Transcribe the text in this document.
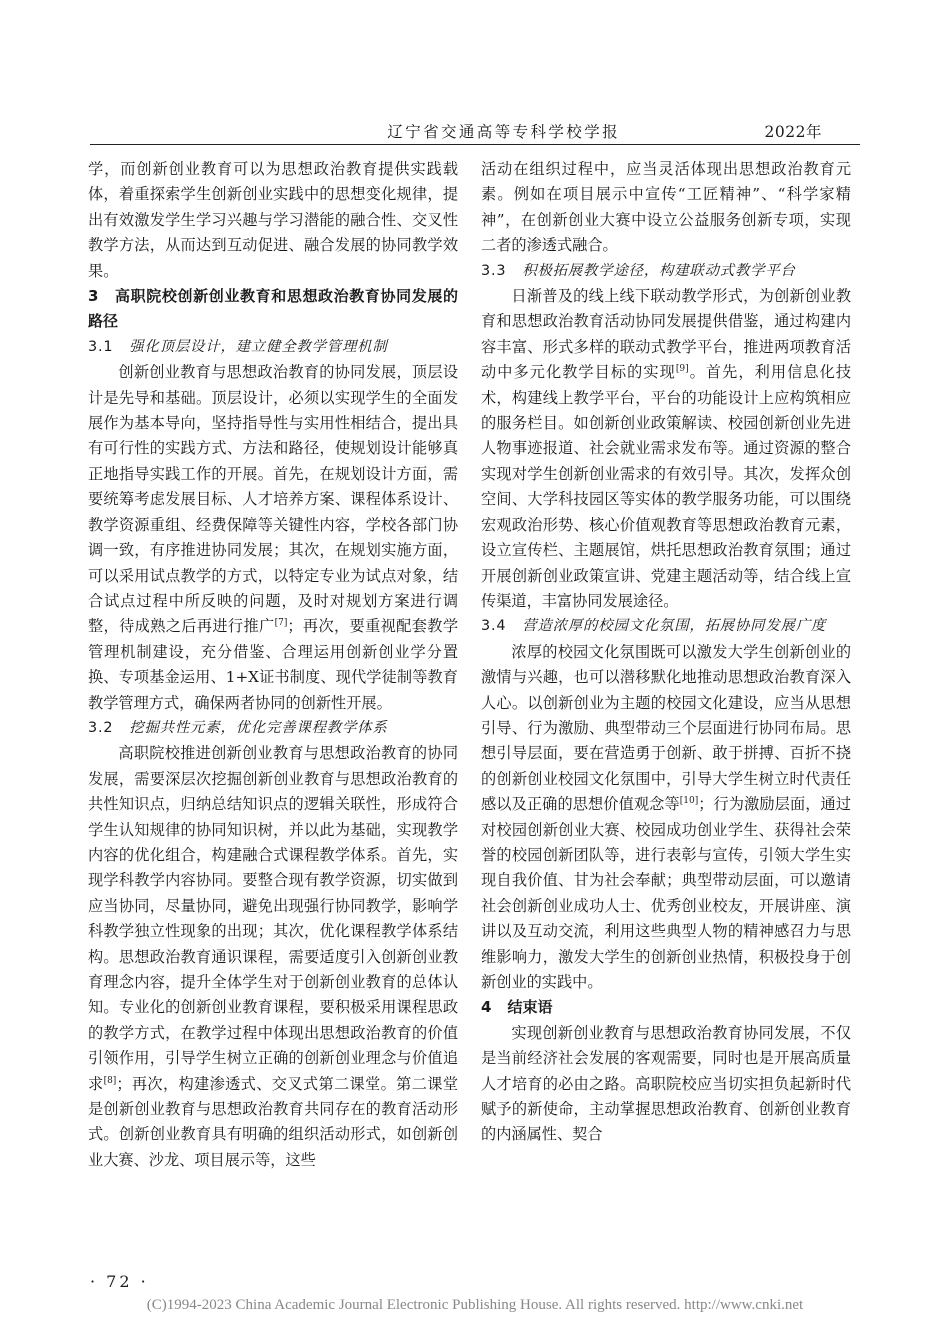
辽宁省交通高等专科学校学报	2022年

学，而创新创业教育可以为思想政治教育提供实践载体，着重探索学生创新创业实践中的思想变化规律，提出有效激发学生学习兴趣与学习潜能的融合性、交叉性教学方法，从而达到互动促进、融合发展的协同教学效果。

3 高职院校创新创业教育和思想政治教育协同发展的路径
3.1 强化顶层设计，建立健全教学管理机制

创新创业教育与思想政治教育的协同发展，顶层设计是先导和基础。顶层设计，必须以实现学生的全面发展作为基本导向，坚持指导性与实用性相结合，提出具有可行性的实践方式、方法和路径，使规划设计能够真正地指导实践工作的开展。首先，在规划设计方面，需要统筹考虑发展目标、人才培养方案、课程体系设计、教学资源重组、经费保障等关键性内容，学校各部门协调一致，有序推进协同发展；其次，在规划实施方面，可以采用试点教学的方式，以特定专业为试点对象，结合试点过程中所反映的问题，及时对规划方案进行调整，待成熟之后再进行推广[7]；再次，要重视配套教学管理机制建设，充分借鉴、合理运用创新创业学分置换、专项基金运用、1+X证书制度、现代学徒制等教育教学管理方式，确保两者协同的创新性开展。

3.2 挖掘共性元素，优化完善课程教学体系

高职院校推进创新创业教育与思想政治教育的协同发展，需要深层次挖掘创新创业教育与思想政治教育的共性知识点，归纳总结知识点的逻辑关联性，形成符合学生认知规律的协同知识树，并以此为基础，实现教学内容的优化组合，构建融合式课程教学体系。首先，实现学科教学内容协同。要整合现有教学资源，切实做到应当协同，尽量协同，避免出现强行协同教学，影响学科教学独立性现象的出现；其次，优化课程教学体系结构。思想政治教育通识课程，需要适度引入创新创业教育理念内容，提升全体学生对于创新创业教育的总体认知。专业化的创新创业教育课程，要积极采用课程思政的教学方式，在教学过程中体现出思想政治教育的价值引领作用，引导学生树立正确的创新创业理念与价值追求[8]；再次，构建渗透式、交叉式第二课堂。第二课堂是创新创业教育与思想政治教育共同存在的教育活动形式。创新创业教育具有明确的组织活动形式，如创新创业大赛、沙龙、项目展示等，这些

活动在组织过程中，应当灵活体现出思想政治教育元素。例如在项目展示中宣传“工匠精神”、“科学家精神”，在创新创业大赛中设立公益服务创新专项，实现二者的渗透式融合。

3.3 积极拓展教学途径，构建联动式教学平台

日渐普及的线上线下联动教学形式，为创新创业教育和思想政治教育活动协同发展提供借鉴，通过构建内容丰富、形式多样的联动式教学平台，推进两项教育活动中多元化教学目标的实现[9]。首先，利用信息化技术，构建线上教学平台，平台的功能设计上应构筑相应的服务栏目。如创新创业政策解读、校园创新创业先进人物事迹报道、社会就业需求发布等。通过资源的整合实现对学生创新创业需求的有效引导。其次，发挥众创空间、大学科技园区等实体的教学服务功能，可以围绕宏观政治形势、核心价值观教育等思想政治教育元素，设立宣传栏、主题展馆，烘托思想政治教育氛围；通过开展创新创业政策宣讲、党建主题活动等，结合线上宣传渠道，丰富协同发展途径。

3.4 营造浓厚的校园文化氛围，拓展协同发展广度

浓厚的校园文化氛围既可以激发大学生创新创业的激情与兴趣，也可以潜移默化地推动思想政治教育深入人心。以创新创业为主题的校园文化建设，应当从思想引导、行为激励、典型带动三个层面进行协同布局。思想引导层面，要在营造勇于创新、敢于拼搏、百折不挠的创新创业校园文化氛围中，引导大学生树立时代责任感以及正确的思想价值观念等[10]；行为激励层面，通过对校园创新创业大赛、校园成功创业学生、获得社会荣誉的校园创新团队等，进行表彰与宣传，引领大学生实现自我价值、甘为社会奉献；典型带动层面，可以邀请社会创新创业成功人士、优秀创业校友，开展讲座、演讲以及互动交流，利用这些典型人物的精神感召力与思维影响力，激发大学生的创新创业热情，积极投身于创新创业的实践中。

4 结束语

实现创新创业教育与思想政治教育协同发展，不仅是当前经济社会发展的客观需要，同时也是开展高质量人才培育的必由之路。高职院校应当切实担负起新时代赋予的新使命，主动掌握思想政治教育、创新创业教育的内涵属性、契合

· 72 ·
(C)1994-2023 China Academic Journal Electronic Publishing House. All rights reserved. http://www.cnki.net
